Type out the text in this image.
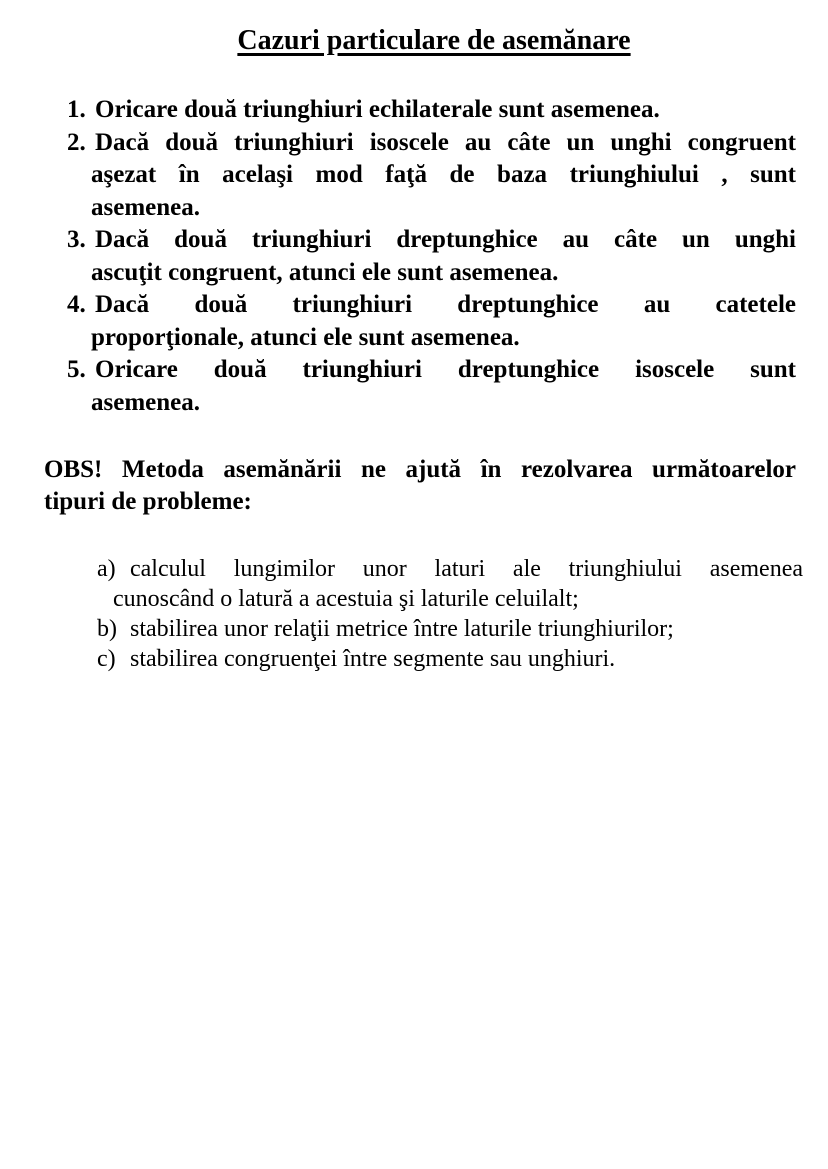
Cazuri particulare de asemănare
1. Oricare două triunghiuri echilaterale sunt asemenea.
2. Dacă două triunghiuri isoscele au câte un unghi congruent
aşezat în acelaşi mod faţă de baza triunghiului , sunt
asemenea.
3. Dacă două triunghiuri dreptunghice au câte un unghi
ascuţit congruent, atunci ele sunt asemenea.
4. Dacă două triunghiuri dreptunghice au catetele
proporţionale, atunci ele sunt asemenea.
5. Oricare două triunghiuri dreptunghice isoscele sunt
asemenea.
OBS! Metoda asemănării ne ajută în rezolvarea următoarelor
tipuri de probleme:
a) calculul lungimilor unor laturi ale triunghiului asemenea
cunoscând o latură a acestuia şi laturile celuilalt;
b) stabilirea unor relaţii metrice între laturile triunghiurilor;
c) stabilirea congruenţei între segmente sau unghiuri.
